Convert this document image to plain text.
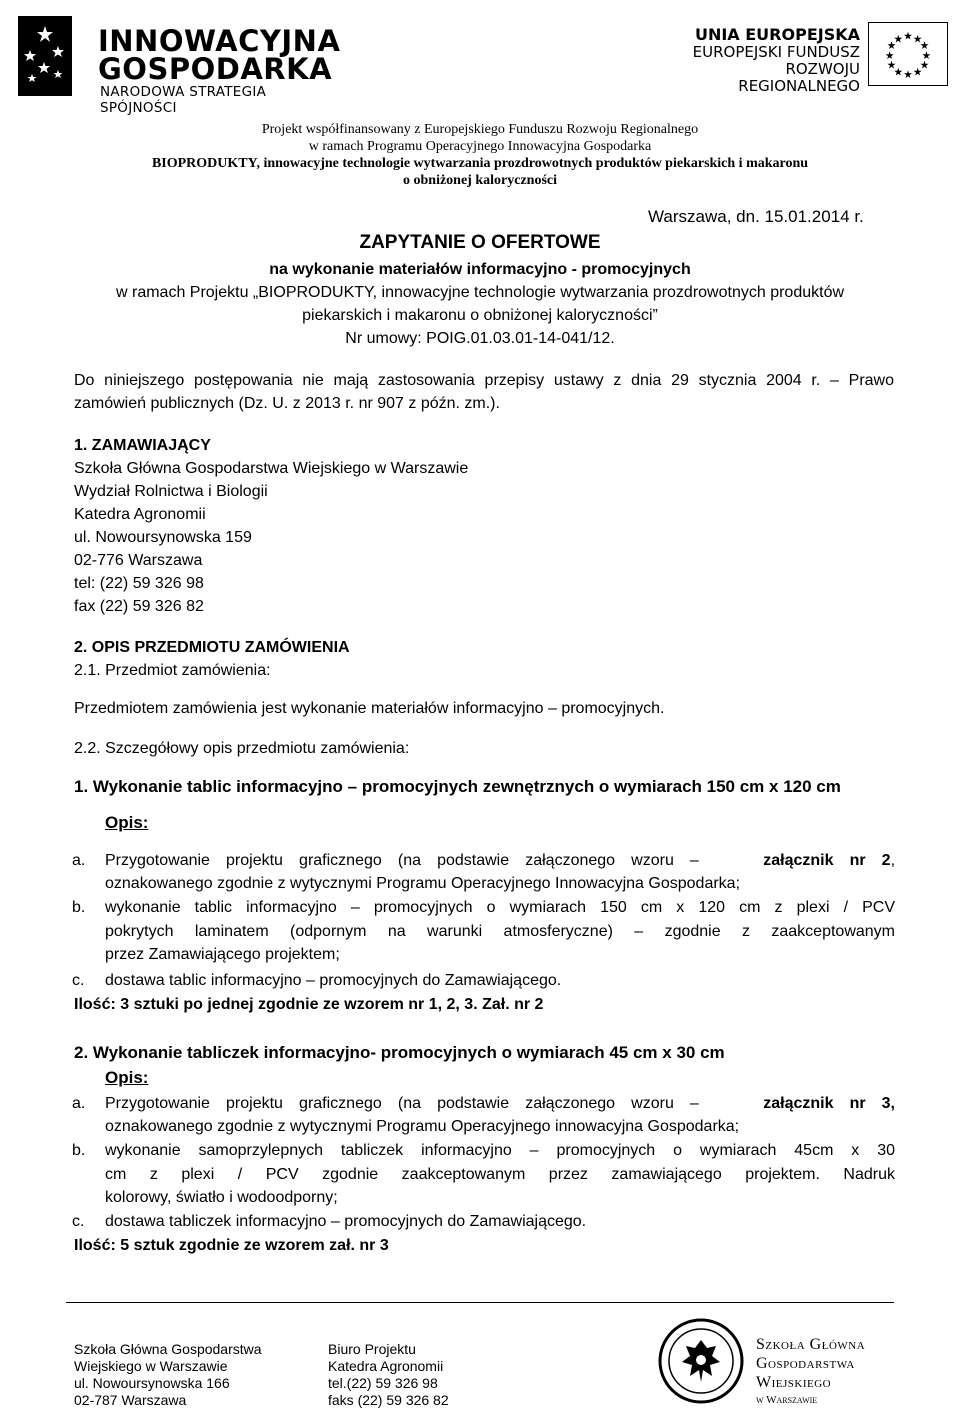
INNOWACYJNA
GOSPODARKA
NARODOWA STRATEGIA SPÓJNOŚCI
UNIA EUROPEJSKA
EUROPEJSKI FUNDUSZ
ROZWOJU REGIONALNEGO
★ ★
★
★
★
★
★
★
★
★
★
★
Projekt współfinansowany z Europejskiego Funduszu Rozwoju Regionalnego
w ramach Programu Operacyjnego Innowacyjna Gospodarka
BIOPRODUKTY, innowacyjne technologie wytwarzania prozdrowotnych produktów piekarskich i makaronu
o obniżonej kaloryczności
Warszawa, dn. 15.01.2014 r.
ZAPYTANIE O OFERTOWE
na wykonanie materiałów informacyjno - promocyjnych
w ramach Projektu „BIOPRODUKTY, innowacyjne technologie wytwarzania prozdrowotnych produktów
piekarskich i makaronu o obniżonej kaloryczności”
Nr umowy: POIG.01.03.01-14-041/12.
Do niniejszego postępowania nie mają zastosowania przepisy ustawy z dnia 29 stycznia 2004 r. – Prawo
zamówień publicznych (Dz. U. z 2013 r. nr 907 z późn. zm.).
1. ZAMAWIAJĄCY
Szkoła Główna Gospodarstwa Wiejskiego w Warszawie
Wydział Rolnictwa i Biologii
Katedra Agronomii
ul. Nowoursynowska 159
02-776 Warszawa
tel: (22) 59 326 98
fax (22) 59 326 82
2. OPIS PRZEDMIOTU ZAMÓWIENIA
2.1. Przedmiot zamówienia:
Przedmiotem zamówienia jest wykonanie materiałów informacyjno – promocyjnych.
2.2. Szczegółowy opis przedmiotu zamówienia:
1. Wykonanie tablic informacyjno – promocyjnych zewnętrznych o wymiarach 150 cm x 120 cm
Opis:
a. Przygotowanie projektu graficznego (na podstawie załączonego wzoru –	załącznik nr 2,
oznakowanego zgodnie z wytycznymi Programu Operacyjnego Innowacyjna Gospodarka;
b. wykonanie tablic informacyjno – promocyjnych o wymiarach 150 cm x 120 cm z plexi / PCV
pokrytych laminatem (odpornym na warunki atmosferyczne) – zgodnie z zaakceptowanym
przez Zamawiającego projektem;
c. dostawa tablic informacyjno – promocyjnych do Zamawiającego.
Ilość: 3 sztuki po jednej zgodnie ze wzorem nr 1, 2, 3. Zał. nr 2
2. Wykonanie tabliczek informacyjno- promocyjnych o wymiarach 45 cm x 30 cm
Opis:
a. Przygotowanie projektu graficznego (na podstawie załączonego wzoru –	załącznik nr 3,
oznakowanego zgodnie z wytycznymi Programu Operacyjnego innowacyjna Gospodarka;
b. wykonanie samoprzylepnych tabliczek informacyjno – promocyjnych o wymiarach 45cm x 30
cm z plexi / PCV zgodnie zaakceptowanym przez zamawiającego projektem. Nadruk
kolorowy, światło i wodoodporny;
c. dostawa tabliczek informacyjno – promocyjnych do Zamawiającego.
Ilość: 5 sztuk zgodnie ze wzorem zał. nr 3
Szkoła Główna Gospodarstwa
Wiejskiego w Warszawie
ul. Nowoursynowska 166
02-787 Warszawa
Biuro Projektu
Katedra Agronomii
tel.(22) 59 326 98
faks (22) 59 326 82
Szkoła Główna
Gospodarstwa
Wiejskiego
w Warszawie
